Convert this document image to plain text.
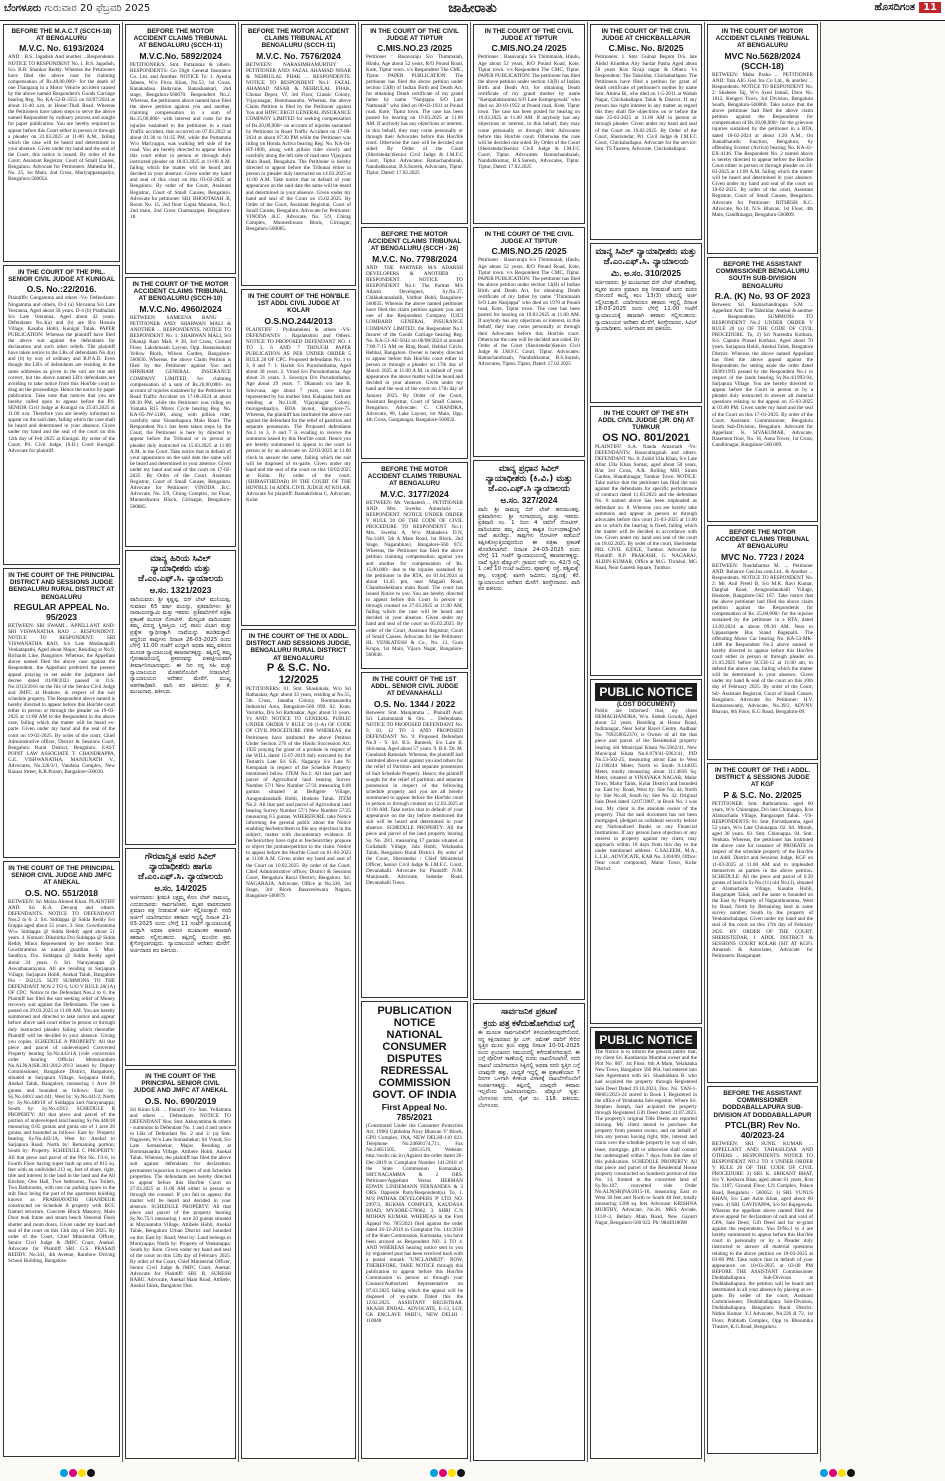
ಬೆಂಗಳೂರು ಗುರುವಾರ 20 ಫೆಬ್ರವರಿ 2025	ಜಾಹೀರಾತು	ಹೊಸದಿಗಂತ 11
BEFORE THE M.A.C.T (SCCH-18) AT BENGALURU
M.V.C. No. 6193/2024
AND : B.S. Jagadish And another ...Respondents. NOTICE TO RESPONDENT No. 1. B.S. Jagadish, S/o. B.R. Shankar Reddy. Whereas the Petitioners have filed the above case for claiming compensation of Rs.40,00,000/- for the death of one Thangaraj in a Motor Vehicle accident caused by the above named Respondent's Goods Carriage bearing Reg. No. KA-52-B-3555 on 02/07/2024 at about 11-40 a.m. at Hosur-Thali Road. Whereas the Petitioners have taken steps to serve the above named Respondent by ordinary process and sought for paper publication. You are hereby required to appear before this Court either in person or through a pleader on 21.03.2025 at 11-00 A.M., failing which the case will be heard and determined in your absence. Given under my hand and the seal of the Court, this notice is issued. By order of the Court, Assistant Registrar, Court of Small Causes, Bengaluru. Advocate for Petitioners: Mahesha M., No. 25, 1st Main, 2nd Cross, Mariyappanapalya, Bengaluru-560054.
IN THE COURT OF THE PRL. SENIOR CIVIL JUDGE AT KUNIGAL
O.S. No.:22/2016.
Plaintiffs: Gangamma and others -Vs- Defendants: Ningamma and others, D-4 (a) Shivanna S/o Late Veeranna, Aged about 58 years. D-4 (b) Pradhallah S/o Late Veeranna, Aged about 42 years. Defendants No.4(a) and (b) are R/o Hosuru Village, Kasaba Hobli, Kunigal Taluk. PAPER PUBLICATION: Whereas the plaintiff have filed the above suit against the defendants for declaration and such other reliefs. The plaintiff have taken notice to the LRs of defendants No.4(a) and (b) by way of ordinary and R.P.A.D. Even though the LR's of defendants are residing in the same addresses as given in the suit are true and correct, but the above named LR's defendants are avoiding to take notice from this Hon'ble court to drag on the proceedings. Hence the notice by paper publication. Take note that notices that you are hereby called upon to appear before the Prl. SENIOR Civil Judge at Kunigal on 25.03.2025 at 11.00 a.m. Therefore you are hereby informed to appear on the said date, failing which the case shall be heard and determined in your absence. Given under my hand and the seal of the court on this 12th day of Feb 2025 at Kunigal. By order of the Court, Prl. Civil Judge, (S.D.) Court Kunigal. Advocate for plaintiff.
IN THE COURT OF THE PRINCIPAL DISTRICT AND SESSIONS JUDGE BENGALURU RURAL DISTRICT AT BENGALURU
REGULAR APPEAL No. 95/2023
BETWEEN: SRI SWAMI... APPELLANT AND: SRI VISWANATHA RAO ... RESPONDENT. NOTICE TO RESPONDENT: SRI VISWANATHA RAO, S/o Late Madanapalli Venkatapathi, Aged about Major, Residing at No.9, Richards Line, Bangalore. Whereas, the Appellant above named filed the above case against the Respondent, the Appellant preferred the present appeal praying to set aside the judgment and decree dated 01/08/2023 passed in O.S. No.1013/2016 on the file of the Senior Civil Judge and JMFC at Hoskote, in respect of the suit schedule property. The Respondent above named is hereby directed to appear before this Hon'ble court either in person or through the pleader on 19-03-2025 at 11:00 AM to the Respondent in the above case, failing which the matter will be heard ex-parte. Given under my hand and the seal of the court on 19-02-2025. By order of the court, Chief Administrative officer, District & Sessions Court, Bengaluru Rural District, Bengaluru. EAST POINT LAW ASSOCIATE T. CHANDRAPPA, G.E. VISHWANATHA, MANJUNATH V., Advocates, No.326/3/1, Vandana Complex, New Bazaar Street, K.R.Puram, Bangalore-560036.
IN THE COURT OF THE PRINCIPAL SENIOR CIVIL JUDGE AND JMFC AT ANEKAL
O.S. NO. 551/2018
BETWEEN: Sri Moiza Ahmed Khan. PLAINTIFF AND: Sri K.A. Devaraj and others. DEFENDANTS. NOTICE TO DEFENDANT Nos.2 to 6: 2. Sri. Siddappa @ Sidda Reddy S/o Erappa aged about 55 years. 3. Smt. Gowthramma W/o. Siddappa @ Sidda Reddy aged about 51 years. 4. Kumari. Dikshitha D/o Siddappa @ Sidda Reddy Minor Represented by her mother Smt. Gowthramma as natural guardian. 5. Miss. Sandhya, D/o. Siddappa @ Sidda Reddy aged about 24 years. 6. Sri. Narayanappa @ Aswathanarayana. All are residing at Sarjapura Village, Sarjapura Hobli, Anekal Taluk, Bangalore Pin - 562125. SUIT SUMMONS TO THE DEFENDANT NOS 2 TO 6, U/O V RULE 20(1A) OF CPC: Notice to the Defendant Nos.2 to 6, the Plaintiff has filed the suit seeking relief of Money recovery suit against the Defendants. The case is posted on 29.03.2025 at 11:00 AM. You are hereby summoned and directed to take notice and appear before above said court either in person or through duly instructed pleader failing which thereafter Plaintiff will be decided in your absence. Giving you copies. SCHEDULE A PROPERTY: All that piece and parcel of undeveloped Converted Property bearing Sy.No.443/1A (vide conversion order bearing Official Memorandum No.ALN(A)SR.361/2012-2013 issued by Deputy Commissioner, Bangalore District, Bangalore), situated at Sarjapura Village, Sarjapura Hobli, Anekal Taluk, Bangalore, measuring 1 Acre 28 guntas and bounded as follows: East by: Sy.No.440/2 and 441; West by: Sy.No.441/2; North by: Sy.No.440/18 of Siddappa and Narayanappa; South by: Sy.No.439/2. SCHEDULE B PROPERTY: All that piece and parcel of the portion of undeveloped land bearing Sy.No.440/18 measuring 0.05 guntas and gunta out of 1 acre 20 guntas and bounded as follows: East by: Property bearing Sy.No.443/1A; West by: Anekal to Sarjapura Road; North by: Remaining portion; South by: Property. SCHEDULE C PROPERTY: All that piece and parcel of the Plot No. F3-6, in Fourth Floor having super built up area of 815 sq. feet with an undivided 213 sq. feet of share, right, title and interest in the land in the land and the All Kitchen, One Hall, Two bedrooms, Two Toilets, Two Bathrooms, with one car parking space in the stilt floor being the part of the apartment building known as PRABHAVATHI GRANDEUR constructed on Schedule A property with RCC framed structure, Concrete Block Masonry, Main Door teak frame and steam beech Venereal Flush shutter and room doors. Given under my hand and seal of the court on this 13th day of Feb 2025. By order of the Court, Chief Ministerial Officer, Senior Civil Judge & JMFC Court, Anekal. Advocate for Plaintiff SRI. G.S. PRASAD REDDY. No.341, 4th Avenue, Rainbow Driving School Building, Bangalore.
BEFORE THE MOTOR ACCIDENT CLAIMS TRIBUNAL AT BENGALURU (SCCH-11)
M.V.C.No. 5892/2024
PETITIONER/S: Smt. Puttamma & others. RESPONDENTS: Go Digit General Insurance Co. Ltd. and Another. NOTICE To: 1. Ayesha Jabeen, W/o Firoz Khan, No.53, 1st Cross, Kanakadasa Badavane, Banashankari, 2nd stage, Bengaluru-560070. Respondent No.2. Whereas, the petitioners above named have filed the above petition against you and another, claiming compensation in a sum of Rs.15,00,000/- with interest and costs for the injuries sustained to the petitioner in a road Traffic accident, that occurred on 07.03.2022 at about 01:30 to 01:35 PM, while the Puttamma W/o Mariyappa, was walking left side of the road. You are hereby directed to appear before this court either in person or through duly instructed pleader on 18.03.2025 at 11-00 A.M. failing which the matter will be heard and decided in your absence. Given under my hand and seal of this court on this 03-02-2025 at Bengaluru. By order of the Court, Assistant Registrar, Court of Small Causes, Bengaluru. Advocate for petitioner: SRI. BHOOTAIAH .B, Room No. 15, 2nd floor Gupta Mansion, No.1, 2nd main, 2nd Cross Chamarajpet, Bengaluru-18.
IN THE COURT OF THE MOTOR ACCIDENT CLAIMS TRIBUNAL AT BENGALURU (SCCH-10)
M.V.C.No. 4960/2024
BETWEEN: SAMEENA BANU ... PETITIONER AND: SHARWAN MALI & ANOTHER ... RESPONDENTS. NOTICE TO RESPONDENT No. 1: SHARWAN MALI, S/o Dhanaji Ram Mali, # 38, 3rd Cross, Ground Floor, Lakshmaiah Layout, Opp. Banashankari Yellow Block, Wilson Garden, Bangalore-560030. Whereas, the above Claim Petition is filed by the Petitioner against You and SHRIRAM GENERAL INSURANCE COMPANY LIMITED, for claiming compensation of a sum of Rs.20,00,000/- on account of injuries sustained by the Petitioner in Road Traffic Accident on 17-06-2024 at about 08:30 PM, while the Petitioner was riding on Yamaha R15 Motor Cycle bearing Reg. No. KA-05-JW-5180, along with pillion rider, carefully near Vasanthapura Main Road. The Respondent No.1 has been taken steps by the Court, the Petitioner is here by directed to appear before the Tribunal or in person or pleader duly instructed on 15.03.2025 at 11:00 A.M. in the Court. Take notice that in default of your appearance on the said date the same will be heard and determined in your absence. Given under my hand and seal of the court on 17-02-2025. By Order of the Court, Assistant Registrar, Court of Small Causes, Bengaluru. Advocate for Petitioner: VINODA .B.C. Advocate, No. 5/9, Chirag Complex, 1st Floor, Munneshwara Block, Girinagar, Bengaluru-560085.
ಮಾನ್ಯ ಹಿರಿಯ ಸಿವಿಲ್ ನ್ಯಾಯಾಧೀಶರು ಮತ್ತು ಜೆ.ಎಂ.ಎಫ್.ಸಿ. ನ್ಯಾಯಾಲಯ
ಅ.ಸಂ. 1321/2023
ವಾದಿಯವರು: ಶ್ರೀ ಕೃಷ್ಣಪ್ಪ, ಬಿನ್ ಲೇಟ್ ಮುನಿಯಪ್ಪ, ಸುಮಾರು 65 ವರ್ಷ ವಯಸ್ಸು, ಪ್ರತಿವಾದಿಗಳು: ಶ್ರೀ ನಾರಾಯಣಸ್ವಾಮಿ ಮತ್ತು ಇತರರು. ಪ್ರತಿವಾದಿಗಳಿಗೆ ಪತ್ರಿಕಾ ಪ್ರಕಟಣೆ ಮೂಲಕ ನೋಟೀಸ್. ಮೇಲ್ಕಂಡ ವಾದಿಯವರು ತಮ್ಮ ವಿರುದ್ಧ ಸ್ಥಿರಾಸ್ತಿಯ ಬಗ್ಗೆ ಪಾಲು ವಿಭಾಗ ಮತ್ತು ಪ್ರತ್ಯೇಕ ಸ್ವಾಧೀನಕ್ಕಾಗಿ ದಾವೆಯನ್ನು ಹೂಡಿರುತ್ತಾರೆ. ಆದ್ದರಿಂದ ತಾವುಗಳು ದಿನಾಂಕ 26-03-2025 ರಂದು ಬೆಳಿಗ್ಗೆ 11.00 ಗಂಟೆಗೆ ಖುದ್ದಾಗಿ ಅಥವಾ ತಮ್ಮ ವಕೀಲರ ಮೂಲಕ ನ್ಯಾಯಾಲಯಕ್ಕೆ ಹಾಜರಾಗತಕ್ಕದ್ದು. ತಪ್ಪಿದಲ್ಲಿ ತಮ್ಮ ಗೈರುಹಾಜರಿಯಲ್ಲಿ ಪ್ರಕರಣವನ್ನು ಏಕಪಕ್ಷೀಯವಾಗಿ ತೀರ್ಮಾನಿಸಲಾಗುವುದು. ಈ ದಿನ ನನ್ನ ಸಹಿ ಮತ್ತು ನ್ಯಾಯಾಲಯದ ಮೊಹರಿನೊಂದಿಗೆ ನೀಡಲಾಗಿದೆ. ನ್ಯಾಯಾಲಯದ ಆದೇಶದ ಮೇರೆಗೆ, ಮುಖ್ಯ ಆಡಳಿತಾಧಿಕಾರಿ. ವಾದಿ ಪರ ವಕೀಲರು: ಶ್ರೀ ಕೆ. ಮಂಜುನಾಥ, ವಕೀಲರು.
ಗೌರವಾನ್ವಿತ ಅಪರ ಸಿವಿಲ್ ನ್ಯಾಯಾಧೀಶರು ಹಾಗೂ ಜೆ.ಎಂ.ಎಫ್.ಸಿ. ನ್ಯಾಯಾಲಯ
ಅ.ಸಂ. 14/2025
ಅರ್ಜಿದಾರರು: ಶ್ರೀಮತಿ ಲಕ್ಷ್ಮಮ್ಮ ಕೋಂ ಲೇಟ್ ರಾಮಯ್ಯ. ಎದುರುದಾರರು: ಸಾರ್ವಜನಿಕರು. ಮೃತರ ವಾರಸುದಾರರ ಪ್ರಮಾಣ ಪತ್ರ ನೀಡುವಂತೆ ಅರ್ಜಿ ಸಲ್ಲಿಸಿರುತ್ತಾರೆ. ಸದರಿ ಅರ್ಜಿಗೆ ಯಾರಿಗಾದರೂ ತಕರಾರು ಇದ್ದಲ್ಲಿ ದಿನಾಂಕ 21-03-2025 ರಂದು ಬೆಳಿಗ್ಗೆ 11 ಗಂಟೆಗೆ ನ್ಯಾಯಾಲಯಕ್ಕೆ ಖುದ್ದಾಗಿ ಅಥವಾ ವಕೀಲರ ಮುಖಾಂತರ ಹಾಜರಾಗಿ ತಕರಾರು ಸಲ್ಲಿಸಬಹುದು. ತಪ್ಪಿದಲ್ಲಿ ಮುಂದಿನ ಕ್ರಮ ಕೈಗೊಳ್ಳಲಾಗುವುದು. ನ್ಯಾಯಾಲಯದ ಆದೇಶದ ಮೇರೆಗೆ. ಅರ್ಜಿದಾರರ ಪರ ವಕೀಲರು.
IN THE COURT OF THE PRINCIPAL SENIOR CIVIL JUDGE AND JMFC AT ANEKAL
O.S. No. 690/2019
Sri Kiran S.R. ... Plaintiff -Vs- Smt. Yellamma and others ... Defendants. NOTICE TO DEFENDANT Nos: Smt. Akkayamma & others - summons to Defendant No. 1 and 4 and notice to LRs of Defendant No. 2 and 3: (a) Smt. Nagaveni, W/o Late Somashekar; Sri Vinod, S/o Late Somashekar, Major. Residing at Bommasandra Village, Attibele Hobli, Anekal Taluk. Whereas, the plaintiff has filed the above suit against defendants for declaration, permanent injunction in respect of suit Schedule properties. The defendants are hereby directed to appear before this Hon'ble Court on 27.03.2025 at 11.00 AM either in person or through the counsel. If you fail to appear, the matter will be heard and decided in your absence. SCHEDULE PROPERTY: All that piece and parcel of the property bearing Sy.No.75/1 measuring 1 acre 20 guntas situated at Mayasandra Village, Attibele Hobli, Anekal Taluk, Bengaluru Urban District and bounded on the: East by: Road; West by: Land belongs to Muniyappa; North by: Property of Venkatappa; South by: Kere. Given under my hand and seal of the court on this 12th day of February 2025. By order of the Court, Chief Ministerial Officer, Senior Civil Judge & JMFC Court, Anekal. Advocate for Plaintiff: SRI. R. SURESH BABU, Advocate, Anekal Main Road, Attibele, Anekal Taluk, Bangalore Dist.
BEFORE THE MOTOR ACCIDENT CLAIMS TRIBUNAL AT BENGALURU (SCCH-11)
M.V.C. No. 7576/2024
BETWEEN: NARASIMHAMURTHY ... PETITIONER AND: FAZAL AHAMAD NISAR & NEHRULAL PHAK ... RESPONDENTS. NOTICE TO RESPONDENT No.1: FAZAL AHAMAD NISAR & NEHRULAL PHAK, Chunar Depot, Vf, 3rd Floor, Classic Colony, Vijayanagar, Bommasandra. Whereas, the above Claim Petition is filed by the Petitioner against You and HDFC ERGO GENERAL INSURANCE COMPANY LIMITED for seeking compensation of Rs.20,00,000/- on account of injuries sustained by Petitioner in Road Traffic Accident on 17-09-2024 at about 07:30 PM while the Petitioner was riding on Honda Activa bearing Reg. No. KA-04-HT-1806, along with pillion rider slowly and carefully along the left side of road near Vijaypura Main Road, Bengaluru. The Petitioner is hereby directed to appear before the Tribunal either in person or pleader duly instructed on 14.03.2025 at 11:00 A.M. Take notice that in default of your appearance on the said date the same will be heard and determined in your absence. Given under my hand and seal of the Court on 15.02.2025. By Order of the Court, Assistant Registrar, Court of Small Causes, Bengaluru. Advocate for Petitioner: VINODA .B.C. Advocate, No. 5/9, Chirag Complex, Munneshwara Block, Girinagar, Bengaluru-560085.
IN THE COURT OF THE HON'BLE 1ST ADDL CIVIL JUDGE AT KOLAR
O.S.NO.244/2013
PLAINTIFF : Pydinaheleni & others -VS- DEFENDANTS : Rajalakshmi and Others. NOTICE TO PROPOSED DEFENDANT NO. 1 TO 3, 6 AND 7 THOUGH PAPER PUBLICATION AS PER UNDER ORDER 5 RULE 20 OF CPC. Proposed defendants No. 1 to 3, 6 and 7: 1. Harish S/o Purushothama, Aged about 38 years. 2. Vinod S/o Purushothama, Age about 31 years. 3. Sowmya D/o Purushothama, Age about 29 years. 7. Dhanush s/o late B. Srinivasa, age about 7 years, save minor represented by his mother Smt. Kalapana both are residing at No.1140, Vijayanagar Colony, murugeshpalya, BDA layout, Bangalore-75. Whereas, the plaintiff has instituted the above suit against the defendant for the relief of partition and separate possession. The Proposed defendants No.1 to 3, 6 and 7 is evading to receive the summons issued by this Hon'ble court. Hence you are hereby summoned to appear in the court in person or by an advocate on 22/03/2025 at 11.00 clock to answer the same, failing which the suit will be disposed of ex-parte. Given under my hand and the seal of the court on this 18/02/2025 at Kolar. By order of the court, (SHIRASTHEDAR) IN THE COURT OF THE HON'BLE 1st ADDL CIVIL JUDGE AT KOLAR. Advocate for plaintiff: Ramakrishna C, Advocate, Kolar.
IN THE COURT OF THE IX ADDL. DISTRICT AND SESSIONS JUDGE, BENGALURU RURAL DISTRICT AT BENGALURU
P & S.C. No. 12/2025
PETITIONERS: 01. Smt. Shashikala, W/o Sri Rathnakar, Age: about 33 years, residing at No.55, 5th Cross, Janatha Colony, Bommasandra Industrial Area, Bangalore-560 099. 02. Kum. Varnitha, D/o Sri Rathnakar, Age: about 11 years. Vs AND: NOTICE TO GENERAL PUBLIC UNDER ORDER V RULE 20 (1-A) OF CODE OF CIVIL PROCEDURE 1908. WHEREAS, the Petitioners have instituted the above Petition Under Section 276 of the Hindu Succession Act, 1925 praying for grant of a probate in respect of the WILL dated 15-07-2019 duly executed by the Testatrix Late Sri S.K. Nagaraju S/o Late N. Kempaiah in respect of the Schedule Property mentioned below. ITEM No.1: All that part and parcel of Agricultural land bearing Survey Number 57/1 New Number 57/31 measuring 0.08 guntas situated at Belligere Village, Anugondanahalli Hobli, Hoskote Taluk. ITEM No.2: All that part and parcel of Agricultural land bearing Survey Number 57/1 New Number 57/25 measuring 0.5 guntas. WHEREFORE, take Notice informing the general public about the Notice enabling fee/heirs/them to file any objection in the subject, matter with documentary evidence. If fee/heirs/they have right or fee/heirs/they propose to object the probate/petition to the claim. Notice to appear before the Hon'ble Court on 01-04-2025 at 11:00 A.M. Given under my hand and seal of the Court on 10.02.2025. By order of the Court, Chief Administrative officer, District & Sessions Court, Bengaluru Rural District, Bengaluru. Sri. NAGARAJA, Advocate, Office at No.336, 3rd Stage, 3rd Block Basaveshwara Nagara, Bangalore-560079.
IN THE COURT OF THE CIVIL JUDGE AT TIPTUR
C.MIS.NO.23 /2025
Petitioner : Basavaraju S/o Thimmaiah, Hindu, Age about 52 years, R/O Pound Road, Kote, Tiptur town. v/s Respondent The CMC, Tiptur. PAPER PUBLICATION: The petitioner has filed the above petition under section 13(B) of Indian Birth and Death Act, for obtaining Death certificate of my grand father by name "Nanjappa S/O Late Nattunaik" who died on 00-02-1931 at Pound road, Kote, Tiptur town. The case has been posted for hearing on 19.03.2025 at 11.00 AM. If anybody has any objections or interest, in this behalf, they may come personally or through their Advocates before this Hon'ble court. Otherwise the case will be decided one sided. By Order of the Court (Sheristedar)Senior Civil Judge & J.M.F.C Court, Tiptur. Advocates: Ramachandraiah, Nandishkumar, B.S.Suresh, Advocates, Tiptur. Tiptur, Dated: 17.02.2025
BEFORE THE MOTOR ACCIDENT CLAIMS TRIBUNAL AT BENGALURU (SCCH - 26)
M.V.C. No. 7798/2024
AND: THE PARTNER M/S ADARSH DEVELOPERS & ANOTHER ... RESPONDENT. NOTICE TO RESPONDENT No.1: The Partner M/s Adarsh Developers, Sy.No.37, Chikkakannahalli, Varthur Hobli, Bangalore-560035. Whereas the above named petitioner have filed the claim petition against you and one of the Respondent Company ICICI LOMBARD GENERAL INSURANCE COMPANY LIMITED, the Respondent No.1 Insurer of the Goods Carriage bearing Reg. No. KA-51-AF-5642 on 06/08/2024 at around 7:00-7:15 AM on Ring Road, Hebbal Circle, Hebbal, Bangalore. Owner is hereby directed to appear before this Hon'ble court either in person or through a pleader on 17th day of March 2025 at 11.00 A.M. in default of your appearance the above matter will be heard and decided in your absence. Given under my hand and the seal of the court on 17th day of January 2025. By Order of the Court, Assistant Registrar, Court of Small Causes, Bengaluru. Advocate: C. CHANDRA, Advocate, #8, Lake Layout, 1st Main, Opp. 4th Cross, Ganganagar, Bangalore-560032.
BEFORE THE MOTOR ACCIDENT CLAIMS TRIBUNAL AT BENGALURU
M.V.C. 3177/2024
BETWEEN: Mr. Venkatesh ... PETITIONER AND: Mrs. Swetha Anneriaris ... RESPONDENT. NOTICE UNDER ORDER V RULE 20 OF THE CODE OF CIVIL PROCEDURE TO RESPONDENT No.1: Mrs. Swetha A, W/o Mahadeva D.N, No.1449, 5th A Main Road, 1st Block, 2nd Stage, Nagarabhavi, Bangalore-560 072. Whereas, the Petitioner has filed the above petition claiming compensation against you and another for compensation of Rs. 15,00,000/- due to the injuries sustained by the petitioner in the RTA, on 01.04.2024 at about 11.45 pm, near Magadi Road, Chandrashekhara main Road. The court has issued Notice to you. You are hereby directed to appear before this Court in person or through counsel on 27.03.2025 at 11:00 AM, failing which the case will be heard and decided in your absence. Given under my hand and seal of the court on 05.02.2025. By order of the Court, Assistant Registrar, Court of Small Causes. Advocate for the Petitioner: HL VENKATESH & Co., No. 13, Guru Krupa, 1st Main, Vijaya Nagar, Bangalore-560040.
IN THE COURT OF THE 1ST ADDL. SENIOR CIVIL JUDGE AT DEVANAHALLI
O.S. No. 1344 / 2022
Between: Smt. Manjamma ... Plaintiff And: Sri. Lakshmaiah & Ors. ... Defendants. NOTICE TO PROPOSED DEFENDANT No. 9, 10, 12 TO 3 AND PROPOSED DEFENDANT No. 9: Proposed Defendant No.9 - 9. Sri. B.S. Ramesh, S/o Late B. Shivanna, Aged about 57 years. 9. B.S. Dr. M. Gundaiah Ramaiah. Whereas, the plaintiff had instituted above suit against you and others for the relief of Partition and separate possession of Suit Schedule Property. Hence, the plaintiff sought for the relief of partition and separate possession in respect of the following schedule property and you are all hereby summoned to appear before the Hon'ble court in person or through counsel on 12.03.2025 at 11:00 AM. Take notice that in default of your appearance on the day before mentioned the suit will be heard and determined in your absence. SCHEDULE PROPERTY: All the piece and parcel of the land property bearing Sy. No. 28/1, measuring 17 guntas situated at Gollahalli Village, Jala Hobli, Yelahanka Taluk, Bengaluru Rural District. By order of the Court, Sheristedar / Chief Ministerial Officer, Senior Civil Judge & J.M.F.C. Court, Devanahalli. Advocate for Plaintiff: N.M. Manjunath, Advocate, Subedar Road, Devanahalli Town.
PUBLICATION NOTICE NATIONAL CONSUMER DISPUTES REDRESSAL COMMISSION GOVT. OF INDIA
First Appeal No. 785/2021
(Constituted Under the Consumer Protection Act, 1986) Upbhokta Nyay Bhawan 'F' Block, GPO Complex, INA, NEW DELHI-110 023. Telephone No.24608174,711, Fax No.24651505, 24651519, Website: http://ncdrc.nic.in (Against the order dated 26-Dec-2019 in Complaint Number 141/2018 of the State Commission Karnataka). SMT.NAGAMMA & 2 ORS. Petitioner/Appellant Versus HERMAN EDWIN LINDEMANN FERNANDES & 3 ORS. Opposite Party/Respondent(s). To, 1. M/S PATHAK DEVELOPERS 'P' LTD. NO. 2997/2, RUKMA COMPLEX, KAUDASA ROAD, MYSORE-570002. 3. SHRI C.N MOHAN KUMAR. WHEREAS in the First Appeal No. 785/2021 filed against the order dated 26-12-2019 in Complaint No. 141/2018 of the State Commission, Karnataka, you have been arrayed as Respondent NO. 2 TO 4. AND WHEREAS hearing notice sent to you by registered post has been received back with a postal remark "UNCLAIMED". NOW, THEREFORE, TAKE NOTICE through this publication to appear before this Hon'ble Commission in person or through your Counsel/Authorized Representative on 07.03.2025 failing which the appeal will be disposed of ex-parte. Dated this the 12.02.2025. ASSISTANT REGISTRAR. AKASH JINDAL. ADVOCATE, E-13, LGF, GK ENCLAVE PART-1, NEW DELHI - 110048
IN THE COURT OF THE CIVIL JUDGE AT TIPTUR
C.MIS.NO.24 /2025
Petitioner : Basavaraju S/o Thimmaiah, Hindu, Age about 52 years, R/O Pound Road, Kote, Tiptur town. v/s Respondent The CMC, Tiptur. PAPER PUBLICATION: The petitioner has filed the above petition under section 13(B) of Indian Birth and Death Act, for obtaining Death certificate of my grand mother by name "Kempalakkamma S/O Late Kempegowda" who died on 20-10-1952 at Pound road, Kote, Tiptur town. The case has been posted for hearing on 19.03.2025 at 11.00 AM. If anybody has any objections or interest, in this behalf, they may come personally or through their Advocates before this Hon'ble court. Otherwise the case will be decided one sided. By Order of the Court (Sheristedar)Senior Civil Judge & J.M.F.C Court, Tiptur. Advocates: Ramachandraiah, Nandishkumar, B.S.Suresh, Advocates, Tiptur. Tiptur, Dated: 17.02.2025
IN THE COURT OF THE CIVIL JUDGE AT TIPTUR
C.MIS.NO.25 /2025
Petitioner : Basavaraju S/o Thimmaiah, Hindu, Age about 52 years, R/O Pound Road, Kote, Tiptur town. v/s Respondent The CMC, Tiptur. PAPER PUBLICATION: The petitioner has filed the above petition under section 13(B) of Indian Birth and Death Act, for obtaining Death certificate of my father by name "Thimmaiah S/O Late Nanjappa" who died on 1970 at Pound road, Kote, Tiptur town. The case has been posted for hearing on 19.03.2025 at 11.00 AM. If anybody has any objections or interest, in this behalf, they may come personally or through their Advocates before this Hon'ble court. Otherwise the case will be decided one sided. By Order of the Court (Sheristedar)Senior Civil Judge & J.M.F.C Court, Tiptur. Advocates: Ramachandraiah, Nandishkumar, B.S.Suresh, Advocates, Tiptur. Tiptur, Dated: 17.02.2025
ಮಾನ್ಯ ಪ್ರಧಾನ ಸಿವಿಲ್ ನ್ಯಾಯಾಧೀಶರು (ಕಿ.ವಿ.) ಮತ್ತು ಜೆ.ಎಂ.ಎಫ್.ಸಿ ನ್ಯಾಯಾಲಯ
ಅ.ಸಂ. 327/2024
ವಾದಿ: ಶ್ರೀ ರಾಮಣ್ಣ ಬಿನ್ ಲೇಟ್ ಹನುಮಂತಪ್ಪ. ಪ್ರತಿವಾದಿಗಳು: ಶ್ರೀ ಗಂಗಾಧರಯ್ಯ ಮತ್ತು ಇತರರು. ಪ್ರತಿವಾದಿ ನಂ. 1 ರಿಂದ 4 ರವರಿಗೆ ನೋಟೀಸ್. ವಾದಿಯವರು ತಮ್ಮ ವಿರುದ್ಧ ಶಾಶ್ವತ ನಿರ್ಬಂಧಕಾಜ್ಞೆಗಾಗಿ ದಾವೆ ಹೂಡಿದ್ದು, ತಾವುಗಳು ನೋಟೀಸ್ ಪಡೆಯದೆ ತಪ್ಪಿಸಿಕೊಳ್ಳುತ್ತಿರುವುದರಿಂದ ಈ ಪತ್ರಿಕಾ ಪ್ರಕಟಣೆ ಹೊರಡಿಸಲಾಗಿದೆ. ದಿನಾಂಕ 24-03-2025 ರಂದು ಬೆಳಿಗ್ಗೆ 11 ಗಂಟೆಗೆ ನ್ಯಾಯಾಲಯದಲ್ಲಿ ಹಾಜರಾಗತಕ್ಕದ್ದು. ದಾವೆ ಸ್ವತ್ತಿನ ಷೆಡ್ಯೂಲ್: ಗ್ರಾಮದ ಸರ್ವೆ ನಂ. 42/3 ರಲ್ಲಿ 1 ಎಕರೆ 10 ಗುಂಟೆ ಜಮೀನು. ಪೂರ್ವಕ್ಕೆ: ರಸ್ತೆ, ಪಶ್ಚಿಮಕ್ಕೆ: ಹಳ್ಳ, ಉತ್ತರಕ್ಕೆ: ಖಾಸಗಿ ಜಮೀನು, ದಕ್ಷಿಣಕ್ಕೆ: ಕೆರೆ. ನ್ಯಾಯಾಲಯದ ಆದೇಶದ ಮೇರೆಗೆ, ಶಿರಸ್ತೇದಾರರು. ವಾದಿ ಪರ ವಕೀಲರು.
ಸಾರ್ವಜನಿಕ ಪ್ರಕಟಣೆ
ಕ್ರಯ ಪತ್ರ ಕಳೆದುಹೋಗಿರುವ ಬಗ್ಗೆ
ಈ ಮೂಲಕ ಸಾರ್ವಜನಿಕರಿಗೆ ತಿಳಿಯಪಡಿಸುವುದೇನೆಂದರೆ, ನನ್ನ ಕಕ್ಷಿದಾರರಾದ ಶ್ರೀ ಎಸ್. ರಮೇಶ್ ರವರಿಗೆ ಸೇರಿದ ಸ್ವತ್ತಿನ ಮೂಲ ಕ್ರಯ ಪತ್ರವು ದಿನಾಂಕ 10-01-2025 ರಂದು ಪ್ರಯಾಣದ ಸಮಯದಲ್ಲಿ ಕಳೆದುಹೋಗಿರುತ್ತದೆ. ಈ ಬಗ್ಗೆ ಪೊಲೀಸ್ ಠಾಣೆಯಲ್ಲಿ ದೂರು ದಾಖಲಿಸಲಾಗಿದೆ. ಸದರಿ ದಾಖಲೆ ಯಾರಿಗಾದರೂ ಸಿಕ್ಕಿದಲ್ಲಿ ಅಥವಾ ಸದರಿ ಸ್ವತ್ತಿನ ಬಗ್ಗೆ ಯಾವುದೇ ಹಕ್ಕು, ಬಾಧ್ಯತೆ ಇದ್ದಲ್ಲಿ ಈ ಪ್ರಕಟಣೆಯಾದ 7 ದಿನಗಳ ಒಳಗಾಗಿ ಕೆಳಕಂಡ ವಿಳಾಸಕ್ಕೆ ದಾಖಲೆಗಳೊಂದಿಗೆ ಸಂಪರ್ಕಿಸತಕ್ಕದ್ದು. ತಪ್ಪಿದಲ್ಲಿ ಯಾವುದೇ ತಕರಾರು ಇಲ್ಲವೆಂದು ಭಾವಿಸಲಾಗುವುದು. ಷೆಡ್ಯೂಲ್ ಸ್ವತ್ತು: ಬೆಂಗಳೂರು ನಗರ, ಸೈಟ್ ನಂ. 118. ವಕೀಲರು, ಬೆಂಗಳೂರು.
IN THE COURT OF THE CIVIL JUDGE AT CHICKBALLAPUR
C.Misc. No. 8/2025
Petitioners: 1. Smt. Gulnaz Begum D/o. late Abdul Khuddus Aby Sardar Pasha Aged about 58 years R/at Sivaji nagar & Others. Vs Respondent: The Tahsildar, Chickaballapur. The Petitioners have filed a petition for grant of death certificate of petitioner's mother by name Smt. Amina Bi, who died on 1-5-2011 at Wahab Nagar, Chickaballapur Taluk & District. If any person has right interest in any matter as regard this they shall file objections on or before the date 25-03-2025 at 11.00 AM in person or through pleader. Given under my hand and seal of the Court on 19.02.2025. By Order of the Court, Sheristedar, Prl. Civil Judge & J.M.F.C Court, Chickaballapur. Advocate for the service: Smt. TS Tasreen, Advocate, Chickaballapur.
ಮಾನ್ಯ ಸಿವಿಲ್ ನ್ಯಾಯಾಧೀಶರು ಮತ್ತು ಜೆ.ಎಂ.ಎಫ್.ಸಿ. ನ್ಯಾಯಾಲಯ
ಮಿ. ಅ.ಸಂ. 310/2025
ಅರ್ಜಿದಾರರು: ಶ್ರೀ ಮಂಜುನಾಥ ಬಿನ್ ಲೇಟ್ ವೆಂಕಟೇಶಪ್ಪ. ಮೃತರ ಮರಣ ಪ್ರಮಾಣ ಪತ್ರ ನೀಡುವಂತೆ ಜನನ ಮರಣ ನೋಂದಣಿ ಕಾಯ್ದೆ ಕಲಂ 13(3) ರಡಿಯಲ್ಲಿ ಅರ್ಜಿ ಸಲ್ಲಿಸಿರುತ್ತಾರೆ. ಯಾರಿಗಾದರೂ ತಕರಾರು ಇದ್ದಲ್ಲಿ ದಿನಾಂಕ 18-03-2025 ರಂದು ಬೆಳಿಗ್ಗೆ 11.00 ಗಂಟೆಗೆ ನ್ಯಾಯಾಲಯಕ್ಕೆ ಹಾಜರಾಗಿ ತಕರಾರು ಸಲ್ಲಿಸಬಹುದು. ನ್ಯಾಯಾಲಯದ ಆದೇಶದ ಮೇರೆಗೆ, ಶಿರಸ್ತೇದಾರರು, ಸಿವಿಲ್ ನ್ಯಾಯಾಧೀಶರು. ಅರ್ಜಿದಾರರ ಪರ ವಕೀಲರು.
IN THE COURT OF THE 6TH ADDL CIVIL JUDGE (JR. DN) AT TUMKUR
OS NO. 801/2021
PLAINTIFF: S.A. Nanda Amarnath -Vs- DEFENDANTS: Basavalingaiah and others. DEFENDANT No. 8: Zubid Ulla Khan, S/o Late Allur Ulla Khan Sumar, aged about 50 years, R/at 3rd Cross, A.R. Rolling Mill, Siram Garden, Shanthinagar, Tumkur Town. NOTICE: Take notice that the petitioner has filed the suit against the defendants for specific performance of contract dated 11.03.2023 and the defendant No. 8 named above has been impleaded as defendant no. 8. Whereas you are hereby take summons and appear in person or through advocates before this court 21-03-2025 at 11:00 am to which the hearing is fixed, failing which the matter will be decided in accordance with law. Given under my hand and seal of the court on 18.02.2025. By order of the court, Sheristedar PRL CIVIL JUDGE, Tumkur. Advocate for Plaintiff: R.P. PRAKASH, G. NAGARAJ, ALBIN KUMAR, Office at M.G. Thrishul, MG Road, Near Ganesh Square, Tumkur.
PUBLIC NOTICE
(LOST DOCUMENT)
Public are informed that, my client HEMACHANDRA, W/o. Sidesh Gowda, Aged about 52 years, Residing at Hosur Road, Indiranagar, Near Solar Ravel Centre, Aadhaar No. 769250052370, is Owner of all the that piece and parcel of the Residential property bearing old Municipal Khata No.5962/41, New Municipal Khata No.6.079/41-5962/41, PID No.53-502-25, measuring about East to West 12.190244 Meter, North to South 9.144035 Meter, totally measuring about 111.4836 Sq. Meter, situated at VINAYAKA NAGAR, Malur Town, Malur Taluk, Kolar District and bounded on: East by: Road, West by: Site No. 44, North by: Site No.40, South by: Site No. 42. Original Sale Deed dated 12/07/2007, in Book No. 1 was lost. My client is the absolute owner of the property. That the said document has not been mortgaged, pledged as collateral security before any Nationalized Banks or any Financial Institutions. If any person have objection or any interest in property against my client, may approach within 10 days from this day to the under mentioned address. G.SALEEM, M.A., L.L.B., ADVOCATE, KAR No. 3304/09, Office: Near court compound, Malur Town, Kolar District.
PUBLIC NOTICE
The Notice is to inform the general public that, my client Sri. Kantharaju Mumbai owner and the Plot No. 887, 1st Floor, 6th A Main, Yelahanka New Town, Bangalore 560 064, had entered into Sale Agreement with Sri. Shashidhara B. who had acquired the property through Registered Sale Deed Dated 19.10.2023, Doc. No. YAN-1-06665/2023-24 stored in Book I, Registered in the office of Yelahanka Sub-registrar. Where Sri. Stephen Joseph, had acquired the property through Registered Gift Deed dated 31.07.2023. The property's original Title Deeds are reported missing. My client intend to purchase the property from present owner, and on behalf of him any person having right, title, interest and claim over the schedule property by way of sale, lease, mortgage, gift or otherwise shall contact the undersigned within 7 days from the date of this publication. SCHEDULE PROPERTY: All that piece and parcel of the Residential House property constructed on Southern portion of Site No. 14, formed in the converted land of Sy.No.107, converted vide Order No.ALN(SR)NA/2015-16, measuring East to West 30 feet and North to South 40 feet, totally measuring 1200 sq. feet. Advocate: KRISHNA MURTHY, Advocate, No.36, MKS Arcade, I.O.P.-3, Bellary Main Road, New Gayatri Nagar, Bengaluru-560 022. Ph: 9844918098
IN THE COURT OF MOTOR ACCIDENT CLAIMS TRIBUNAL AT BENGALURU
MVC No.5628/2024 (SCCH-18)
BETWEEN: Maha Pasha ... PETITIONER AND: Tata AIG Gen Ins Co Ltd., & another ... Respondents. NOTICE TO RESPONDENT No. 2: Shaheen Taj, W/o Syed Ismail, Door No. 1812, Kengeri Town, 3rd Division, Bengaluru South, Bengaluru-560060. Take notice that the above petitioner had filed the above claim petition against the Respondents for compensation of Rs.10,00,000/- for the grievous injuries sustained by the petitioner in a RTA, dated 18-02-2024 at about 1:20 A.M., On Jnanabharathi Junction, Bengaluru, by offending Scooter (Activa) bearing No. KA-41-EX-4146. The Respondent No. 2 named above is hereby directed to appear before the Hon'ble Court either in person or through pleader on 24-03-2025 at 11:00 A.M. failing which the matter will be heard and determined in your absence. Given under my hand and seal of the court on 19-02-2025. By order of the court, Assistant Registrar, Court of Small Causes, Bengaluru. Advocate for Petitioner: RITHESH K.C. Advocate, No.10, N.S. Bhavan, 1st Floor, 4th Main, Gandhinagar, Bengaluru-560009.
BEFORE THE ASSISTANT COMMISSIONER BENGALURU SOUTH SUB-DIVISION BENGALURU
R.A. (K) No. 93 OF 2023
Between: Sri. Ramachandrappa S.M ... Appellant And: The Tahsildar, Anekal & another ... Respondents. SUMMONS TO RESPONDENT No.2 UNDER ORDER V RULE 20 (a) OF THE CODE OF CIVIL PROCEDURE. To, 2) Sri Narendra Kothara, S/o. Captain Prasad Kothara, Aged about 70 years, Sarjapura Hobli, Anekal Taluk, Bangalore District. Whereas the above named Appellant has filed the above appeal against the Respondents for setting aside the order dated 20/09/1993 passed by the Respondent No.1 in respect of the lands bearing Sy.No.4/1993-94, Sarjapura Village. You are hereby directed to appear before the Court in person or by a pleader duly instructed to answer all material questions relating to the appeal on 15-03-2025 at 03.00 PM. Given under my hand and the seal of the Court on this 17-01-2025. By order of the Court, Assistant Commissioner, Bengaluru South Sub-Division, Bengaluru. Advocate for Appellant: K. SIVAKUMAR, Advocate, Basement floor, No. 16, Anna Tower, 1st Cross, Gandhinagar, Bangalore-560 009.
BEFORE THE MOTOR ACCIDENT CLAIMS TRIBUNAL AT BENGALURU
MVC No. 7723 / 2024
BETWEEN: Nandaharesa M. ... Petitioner AND: Reliance Gen.Ins.com.Ltd., & Another ... Respondents. NOTICE TO RESPONDENT No. 2: Mr. Anil Preeti B, S/o M.K. Ravi Kumar, Darghal Road, Anugondanahalli Village, Hoskote, Bangalore-562 167. Take notice that the above petitioner had filed the above claim petition against the Respondents for compensation of Rs. 25,00,000/- for the injuries sustained by the petitioner in a RTA, dated 13.09.2024 at about 09:30 AM. Near to Uppaarapete Bus Stand Bagepalli. The offending Motor Car bearing No. KA-53-MK-1486 the Respondent No.2 above named is hereby directed to appear before this Hon'ble court either in person or through pleader on 21.03.2025 before SCCH-12 at 11:00 am, to defend the above case, failing which the matter will be determined in your absence. Given under my hand & seal of the court on this 10th day of February 2025. By order of the Court, Sd/- Assistant Registrar, Court of Small Causes, Bengaluru. Advocate for Petitioner: H.V. Kumaraswamy, Advocate, No.39/2, ADVNV Bhavan, 8th Floor, K.G Road, Bengaluru-09.
IN THE COURT OF THE I ADDL. DISTRICT & SESSIONS JUDGE AT KGF
P & S.C. No. 2/2025
PETITIONER: Smt. Rathnamma, aged 60 years, W/o Chinnappa, D/o late Chinnappa, R/at Alamachadu Village, Bangarapet Taluk. -VS- RESPONDENTS: 01. Smt. Parvathamma, aged 52 years, W/o Late Chinnappa. 02. Sri. Murali, aged 36 years. 03. Smt. Chinnappa. 04. Smt. Venkata. Whereas, the petitioner has instituted the above case for issuance of PROBATE in respect of the schedule property of the Hon'ble 1st Addl. District and Sessions Judge, KGF on 11-03-2025 at 11.00 AM and to impleaded themselves as parties in the above petition. SCHEDULE: All the piece and parcel of 0.20 guntas of land in Sy.No.(11) old No.(1), situated at Alamachadu Village, Kasaba Hobli, Bangarapet Taluk, and the same is bounded on the East by Property of Nagarathnamma, West by Road, North by Remaining land in same survey number, South by the property of Venkatachalappa. Given under my hand and the seal of the court on this 17th day of February 2025. BY ORDER OF THE COURT, SHERISTEDAR, I ADDL DISTRICT & SESSIONS COURT KOLAR (SIT AT KGF). Amaresh & Associates, Advocate for Petitioners: Bangarapet.
BEFORE THE ASSISTANT COMMISSIONER DODDABALLAPURA SUB-DIVISION AT DODDABALLAPUR
PTCL(BR) Rev No. 40/2023-24
BETWEEN: SRI. SUNIL KUMAR ... APPELLANT AND: TAHASILDAR AND OTHERS ... RESPONDENTS. NOTICE TO RESPONDENT NO.2 TO 4 UNDER ORDER V RULE 20 OF THE CODE OF CIVIL PROCEDURE: 2) SRI. K. SRIKANT BHAT, S/o Y. Keshava Bhat, aged about 61 years, R/at No. 1107, Ground Floor, LN Complex, Palace Road, Bengaluru - 560052. 3) SRI. YUNUS KHAN, S/o Late Azim Khan, aged about 60 years. 4) SRI. GAVIYAPPA, S/o Sri Rajegowda. Whereas the appellant above named filed the above appeal for declaration of null and void of GPA, Sale Deed, Gift Deed and for re-grant against the respondents. You D/No.1 to 4 are hereby summoned to appear before this Hon'ble court in personally or by a Pleader duly instructed to answer all material questions relating to the above petition on 10-03-2025 at 03-00 PM. Take notice that in default of your appearance on 10-03-2025 at 03-00 PM BEFORE THE ASSISTANT Commissioner Doddaballapura Sub-Division at Doddaballapura, the petition will be heard and determined in all your absence by placing as ex-parte. By order of the court, Assistant Commissioner, Doddaballapura Sub-Division, Doddaballapura, Bengaluru Rural District. Nithin Kumar .Y.J Advocate, No.226 II 72, 1st Floor, Prabhath Complex, Opp to Bhoomika Theatre, K.G.Road, Bengaluru.
